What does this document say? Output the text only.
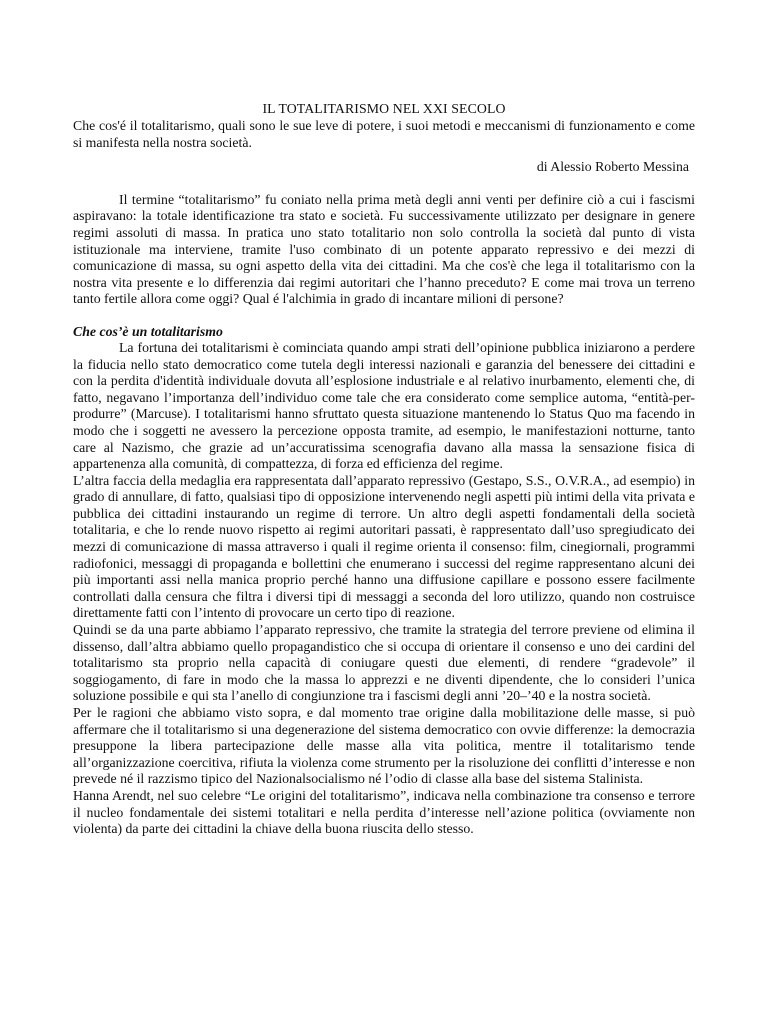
IL TOTALITARISMO NEL XXI SECOLO

Che cos'é il totalitarismo, quali sono le sue leve di potere, i suoi metodi e meccanismi di funzionamento e come si manifesta nella nostra società.

di Alessio Roberto Messina

Il termine “totalitarismo” fu coniato nella prima metà degli anni venti per definire ciò a cui i fascismi aspiravano: la totale identificazione tra stato e società. Fu successivamente utilizzato per designare in genere regimi assoluti di massa. In pratica uno stato totalitario non solo controlla la società dal punto di vista istituzionale ma interviene, tramite l'uso combinato di un potente apparato repressivo e dei mezzi di comunicazione di massa, su ogni aspetto della vita dei cittadini. Ma che cos'è che lega il totalitarismo con la nostra vita presente e lo differenzia dai regimi autoritari che l’hanno preceduto? E come mai trova un terreno tanto fertile allora come oggi? Qual é l'alchimia in grado di incantare milioni di persone?

Che cos’è un totalitarismo

La fortuna dei totalitarismi è cominciata quando ampi strati dell’opinione pubblica iniziarono a perdere la fiducia nello stato democratico come tutela degli interessi nazionali e garanzia del benessere dei cittadini e con la perdita d'identità individuale dovuta all’esplosione industriale e al relativo inurbamento, elementi che, di fatto, negavano l’importanza dell’individuo come tale che era considerato come semplice automa, “entità-per-produrre” (Marcuse). I totalitarismi hanno sfruttato questa situazione mantenendo lo Status Quo ma facendo in modo che i soggetti ne avessero la percezione opposta tramite, ad esempio, le manifestazioni notturne, tanto care al Nazismo, che grazie ad un’accuratissima scenografia davano alla massa la sensazione fisica di appartenenza alla comunità, di compattezza, di forza ed efficienza del regime.

L’altra faccia della medaglia era rappresentata dall’apparato repressivo (Gestapo, S.S., O.V.R.A., ad esempio) in grado di annullare, di fatto, qualsiasi tipo di opposizione intervenendo negli aspetti più intimi della vita privata e pubblica dei cittadini instaurando un regime di terrore. Un altro degli aspetti fondamentali della società totalitaria, e che lo rende nuovo rispetto ai regimi autoritari passati, è rappresentato dall’uso spregiudicato dei mezzi di comunicazione di massa attraverso i quali il regime orienta il consenso: film, cinegiornali, programmi radiofonici, messaggi di propaganda e bollettini che enumerano i successi del regime rappresentano alcuni dei più importanti assi nella manica proprio perché hanno una diffusione capillare e possono essere facilmente controllati dalla censura che filtra i diversi tipi di messaggi a seconda del loro utilizzo, quando non costruisce direttamente fatti con l’intento di provocare un certo tipo di reazione.

Quindi se da una parte abbiamo l’apparato repressivo, che tramite la strategia del terrore previene od elimina il dissenso, dall’altra abbiamo quello propagandistico che si occupa di orientare il consenso e uno dei cardini del totalitarismo sta proprio nella capacità di coniugare questi due elementi, di rendere “gradevole” il soggiogamento, di fare in modo che la massa lo apprezzi e ne diventi dipendente, che lo consideri l’unica soluzione possibile e qui sta l’anello di congiunzione tra i fascismi degli anni ’20–’40 e la nostra società.

Per le ragioni che abbiamo visto sopra, e dal momento trae origine dalla mobilitazione delle masse, si può affermare che il totalitarismo si una degenerazione del sistema democratico con ovvie differenze: la democrazia presuppone la libera partecipazione delle masse alla vita politica, mentre il totalitarismo tende all’organizzazione coercitiva, rifiuta la violenza come strumento per la risoluzione dei conflitti d’interesse e non prevede né il razzismo tipico del Nazionalsocialismo né l’odio di classe alla base del sistema Stalinista.

Hanna Arendt, nel suo celebre “Le origini del totalitarismo”, indicava nella combinazione tra consenso e terrore il nucleo fondamentale dei sistemi totalitari e nella perdita d’interesse nell’azione politica (ovviamente non violenta) da parte dei cittadini la chiave della buona riuscita dello stesso.
